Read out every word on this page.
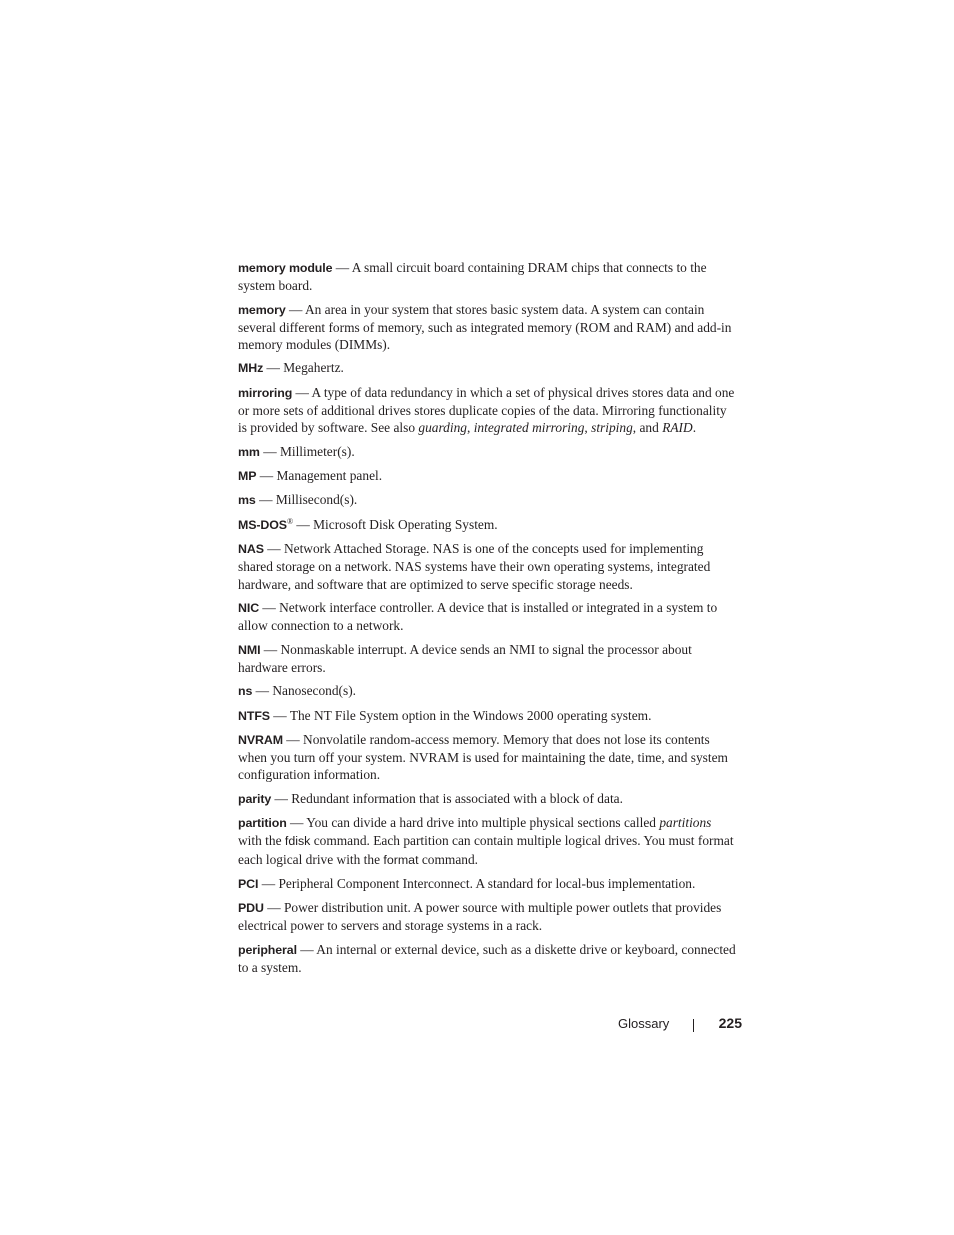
memory module — A small circuit board containing DRAM chips that connects to the system board.
memory — An area in your system that stores basic system data. A system can contain several different forms of memory, such as integrated memory (ROM and RAM) and add-in memory modules (DIMMs).
MHz — Megahertz.
mirroring — A type of data redundancy in which a set of physical drives stores data and one or more sets of additional drives stores duplicate copies of the data. Mirroring functionality is provided by software. See also guarding, integrated mirroring, striping, and RAID.
mm — Millimeter(s).
MP — Management panel.
ms — Millisecond(s).
MS-DOS® — Microsoft Disk Operating System.
NAS — Network Attached Storage. NAS is one of the concepts used for implementing shared storage on a network. NAS systems have their own operating systems, integrated hardware, and software that are optimized to serve specific storage needs.
NIC — Network interface controller. A device that is installed or integrated in a system to allow connection to a network.
NMI — Nonmaskable interrupt. A device sends an NMI to signal the processor about hardware errors.
ns — Nanosecond(s).
NTFS — The NT File System option in the Windows 2000 operating system.
NVRAM — Nonvolatile random-access memory. Memory that does not lose its contents when you turn off your system. NVRAM is used for maintaining the date, time, and system configuration information.
parity — Redundant information that is associated with a block of data.
partition — You can divide a hard drive into multiple physical sections called partitions with the fdisk command. Each partition can contain multiple logical drives. You must format each logical drive with the format command.
PCI — Peripheral Component Interconnect. A standard for local-bus implementation.
PDU — Power distribution unit. A power source with multiple power outlets that provides electrical power to servers and storage systems in a rack.
peripheral — An internal or external device, such as a diskette drive or keyboard, connected to a system.
Glossary	225
